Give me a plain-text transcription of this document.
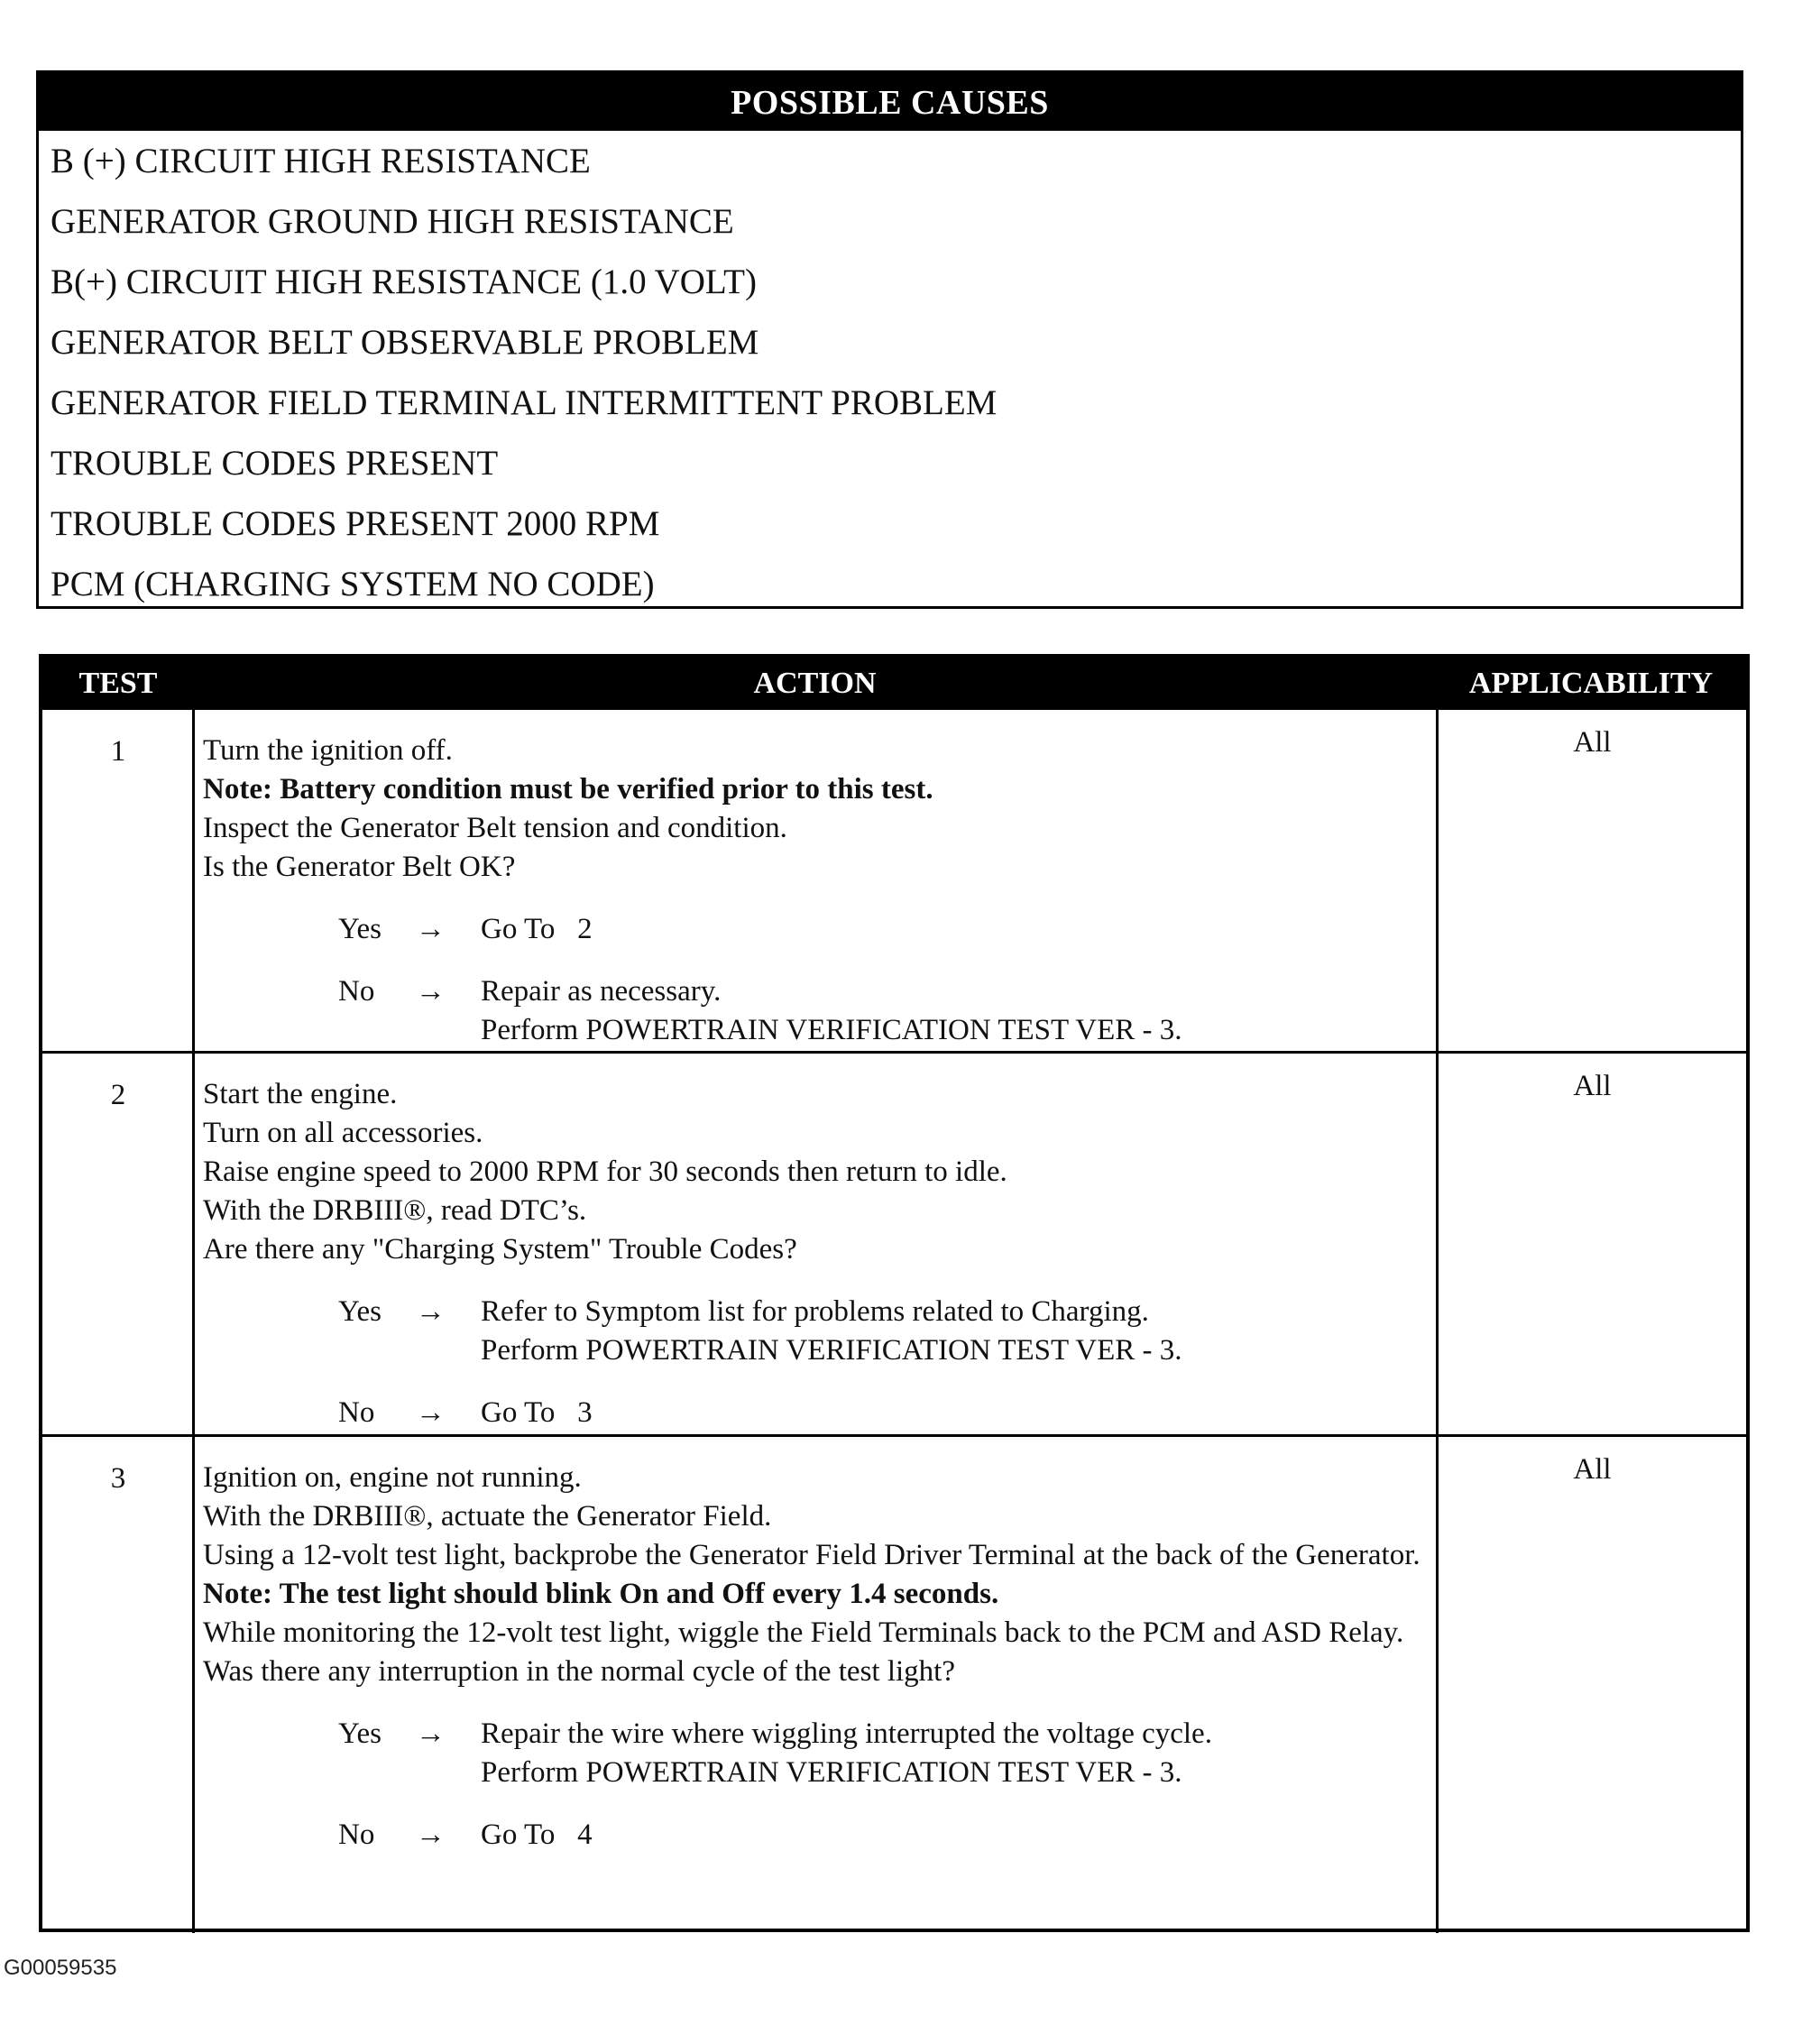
POSSIBLE CAUSES
B (+) CIRCUIT HIGH RESISTANCE
GENERATOR GROUND HIGH RESISTANCE
B(+) CIRCUIT HIGH RESISTANCE (1.0 VOLT)
GENERATOR BELT OBSERVABLE PROBLEM
GENERATOR FIELD TERMINAL INTERMITTENT PROBLEM
TROUBLE CODES PRESENT
TROUBLE CODES PRESENT 2000 RPM
PCM (CHARGING SYSTEM NO CODE)
TEST	ACTION	APPLICABILITY
1	Turn the ignition off.
Note: Battery condition must be verified prior to this test.
Inspect the Generator Belt tension and condition.
Is the Generator Belt OK?
Yes → Go To   2
No → Repair as necessary.
Perform POWERTRAIN VERIFICATION TEST VER - 3.
All
2	Start the engine.
Turn on all accessories.
Raise engine speed to 2000 RPM for 30 seconds then return to idle.
With the DRBIII®, read DTC’s.
Are there any "Charging System" Trouble Codes?
Yes → Refer to Symptom list for problems related to Charging.
Perform POWERTRAIN VERIFICATION TEST VER - 3.
No → Go To   3
All
3	Ignition on, engine not running.
With the DRBIII®, actuate the Generator Field.
Using a 12-volt test light, backprobe the Generator Field Driver Terminal at the back of the Generator.
Note: The test light should blink On and Off every 1.4 seconds.
While monitoring the 12-volt test light, wiggle the Field Terminals back to the PCM and ASD Relay.
Was there any interruption in the normal cycle of the test light?
Yes → Repair the wire where wiggling interrupted the voltage cycle.
Perform POWERTRAIN VERIFICATION TEST VER - 3.
No → Go To   4
All
G00059535
